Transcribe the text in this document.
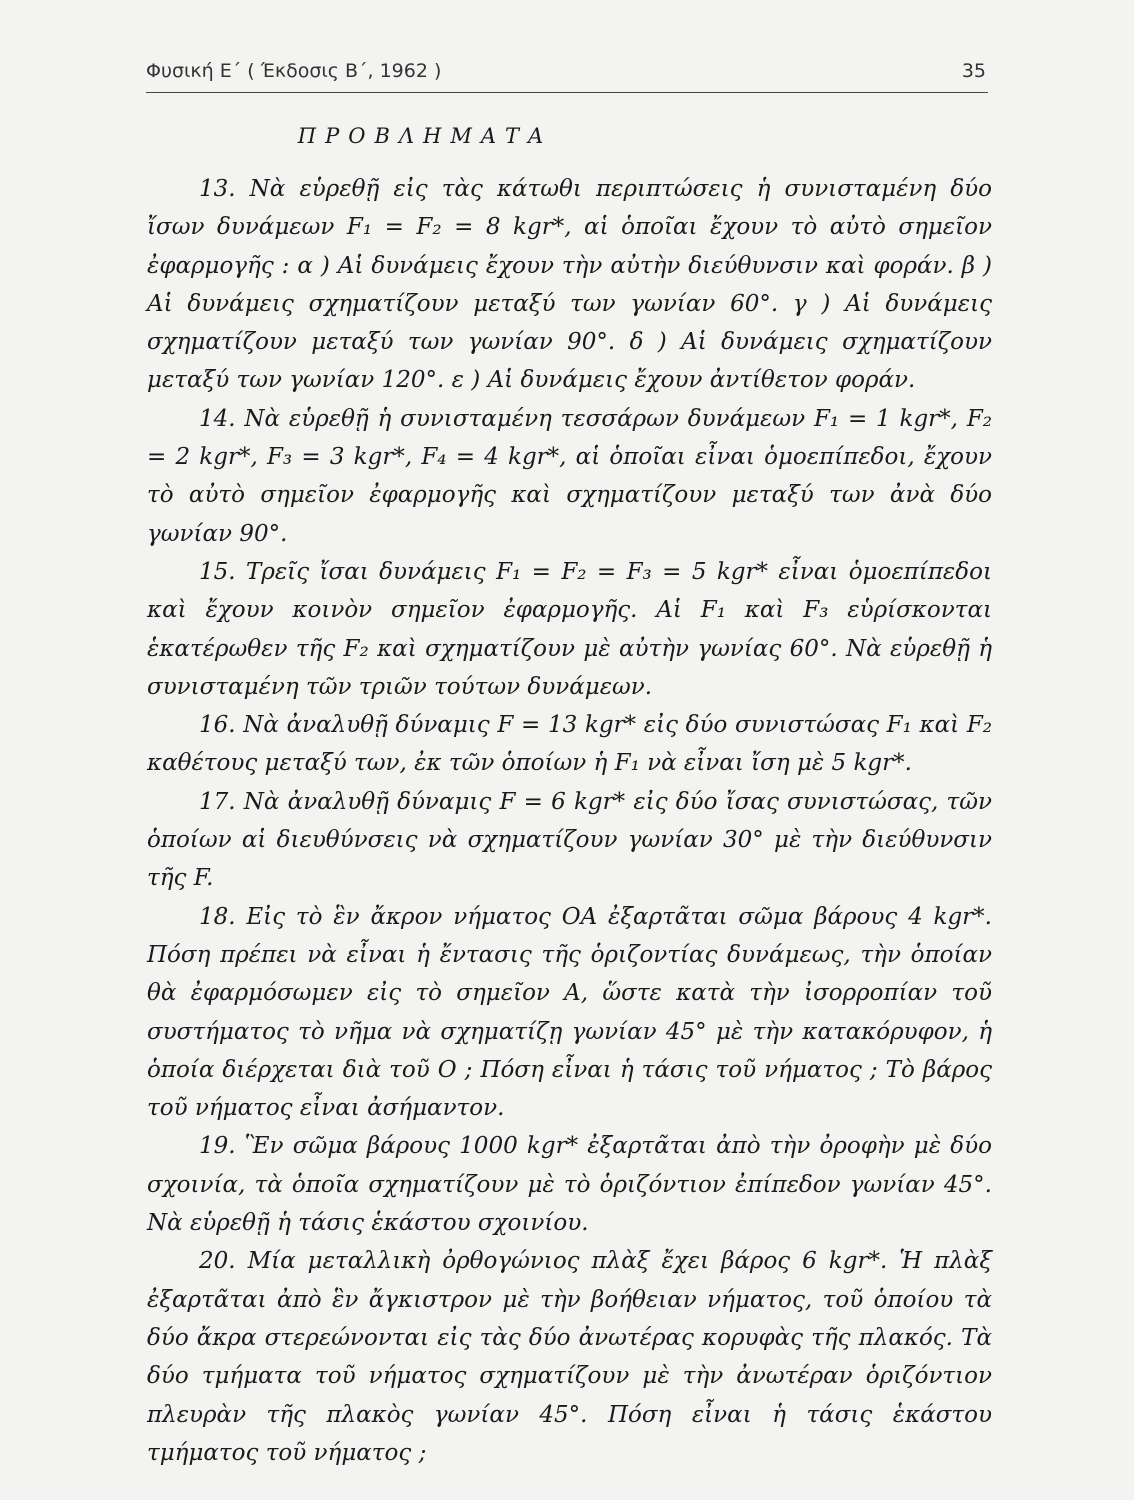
Φυσική Ε΄ ( Έκδοσις Β΄, 1962 )	35
ΠΡΟΒΛΗΜΑΤΑ

13. Νὰ εὑρεθῇ εἰς τὰς κάτωθι περιπτώσεις ἡ συνισταμένη δύο ἴσων δυνάμεων F₁ = F₂ = 8 kgr*, αἱ ὁποῖαι ἔχουν τὸ αὐτὸ σημεῖον ἐφαρμογῆς : α ) Αἱ δυνάμεις ἔχουν τὴν αὐτὴν διεύθυνσιν καὶ φοράν. β ) Αἱ δυνάμεις σχηματίζουν μεταξύ των γωνίαν 60°. γ ) Αἱ δυνάμεις σχηματίζουν μεταξύ των γωνίαν 90°. δ ) Αἱ δυνάμεις σχηματίζουν μεταξύ των γωνίαν 120°. ε ) Αἱ δυνάμεις ἔχουν ἀντίθετον φοράν.

14. Νὰ εὑρεθῇ ἡ συνισταμένη τεσσάρων δυνάμεων F₁ = 1 kgr*, F₂ = 2 kgr*, F₃ = 3 kgr*, F₄ = 4 kgr*, αἱ ὁποῖαι εἶναι ὁμοεπίπεδοι, ἔχουν τὸ αὐτὸ σημεῖον ἐφαρμογῆς καὶ σχηματίζουν μεταξύ των ἀνὰ δύο γωνίαν 90°.

15. Τρεῖς ἴσαι δυνάμεις F₁ = F₂ = F₃ = 5 kgr* εἶναι ὁμοεπίπεδοι καὶ ἔχουν κοινὸν σημεῖον ἐφαρμογῆς. Αἱ F₁ καὶ F₃ εὑρίσκονται ἑκατέρωθεν τῆς F₂ καὶ σχηματίζουν μὲ αὐτὴν γωνίας 60°. Νὰ εὑρεθῇ ἡ συνισταμένη τῶν τριῶν τούτων δυνάμεων.

16. Νὰ ἀναλυθῇ δύναμις F = 13 kgr* εἰς δύο συνιστώσας F₁ καὶ F₂ καθέτους μεταξύ των, ἐκ τῶν ὁποίων ἡ F₁ νὰ εἶναι ἴση μὲ 5 kgr*.

17. Νὰ ἀναλυθῇ δύναμις F = 6 kgr* εἰς δύο ἴσας συνιστώσας, τῶν ὁποίων αἱ διευθύνσεις νὰ σχηματίζουν γωνίαν 30° μὲ τὴν διεύθυνσιν τῆς F.

18. Εἰς τὸ ἓν ἄκρον νήματος ΟΑ ἐξαρτᾶται σῶμα βάρους 4 kgr*. Πόση πρέπει νὰ εἶναι ἡ ἔντασις τῆς ὁριζοντίας δυνάμεως, τὴν ὁποίαν θὰ ἐφαρμόσωμεν εἰς τὸ σημεῖον Α, ὥστε κατὰ τὴν ἰσορροπίαν τοῦ συστήματος τὸ νῆμα νὰ σχηματίζῃ γωνίαν 45° μὲ τὴν κατακόρυφον, ἡ ὁποία διέρχεται διὰ τοῦ Ο ; Πόση εἶναι ἡ τάσις τοῦ νήματος ; Τὸ βάρος τοῦ νήματος εἶναι ἀσήμαντον.

19. Ἓν σῶμα βάρους 1000 kgr* ἐξαρτᾶται ἀπὸ τὴν ὀροφὴν μὲ δύο σχοινία, τὰ ὁποῖα σχηματίζουν μὲ τὸ ὁριζόντιον ἐπίπεδον γωνίαν 45°. Νὰ εὑρεθῇ ἡ τάσις ἑκάστου σχοινίου.

20. Μία μεταλλικὴ ὀρθογώνιος πλὰξ ἔχει βάρος 6 kgr*. Ἡ πλὰξ ἐξαρτᾶται ἀπὸ ἓν ἄγκιστρον μὲ τὴν βοήθειαν νήματος, τοῦ ὁποίου τὰ δύο ἄκρα στερεώνονται εἰς τὰς δύο ἀνωτέρας κορυφὰς τῆς πλακός. Τὰ δύο τμήματα τοῦ νήματος σχηματίζουν μὲ τὴν ἀνωτέραν ὁριζόντιον πλευρὰν τῆς πλακὸς γωνίαν 45°. Πόση εἶναι ἡ τάσις ἑκάστου τμήματος τοῦ νήματος ;
